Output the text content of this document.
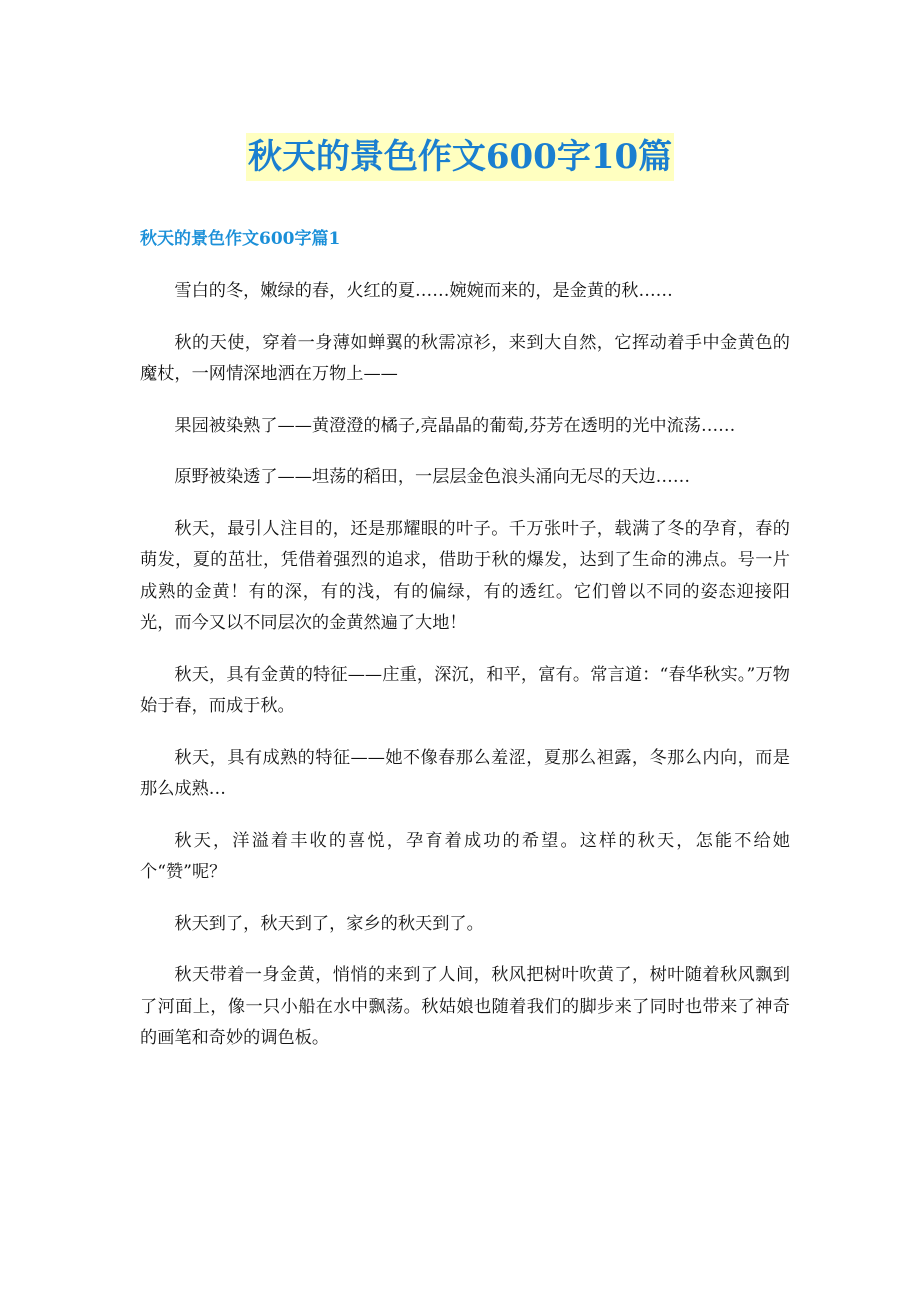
秋天的景色作文600字10篇
秋天的景色作文600字篇1

雪白的冬，嫩绿的春，火红的夏……婉婉而来的，是金黄的秋……

秋的天使，穿着一身薄如蝉翼的秋需凉衫，来到大自然，它挥动着手中金黄色的魔杖，一网情深地洒在万物上——

果园被染熟了——黄澄澄的橘子,亮晶晶的葡萄,芬芳在透明的光中流荡……

原野被染透了——坦荡的稻田，一层层金色浪头涌向无尽的天边……

秋天，最引人注目的，还是那耀眼的叶子。千万张叶子，载满了冬的孕育，春的萌发，夏的茁壮，凭借着强烈的追求，借助于秋的爆发，达到了生命的沸点。号一片成熟的金黄！有的深，有的浅，有的偏绿，有的透红。它们曾以不同的姿态迎接阳光，而今又以不同层次的金黄然遍了大地！

秋天，具有金黄的特征——庄重，深沉，和平，富有。常言道：“春华秋实。”万物始于春，而成于秋。

秋天，具有成熟的特征——她不像春那么羞涩，夏那么袒露，冬那么内向，而是那么成熟…

秋天，洋溢着丰收的喜悦，孕育着成功的希望。这样的秋天，怎能不给她个“赞”呢？

秋天到了，秋天到了，家乡的秋天到了。

秋天带着一身金黄，悄悄的来到了人间，秋风把树叶吹黄了，树叶随着秋风飘到了河面上，像一只小船在水中飘荡。秋姑娘也随着我们的脚步来了同时也带来了神奇的画笔和奇妙的调色板。
